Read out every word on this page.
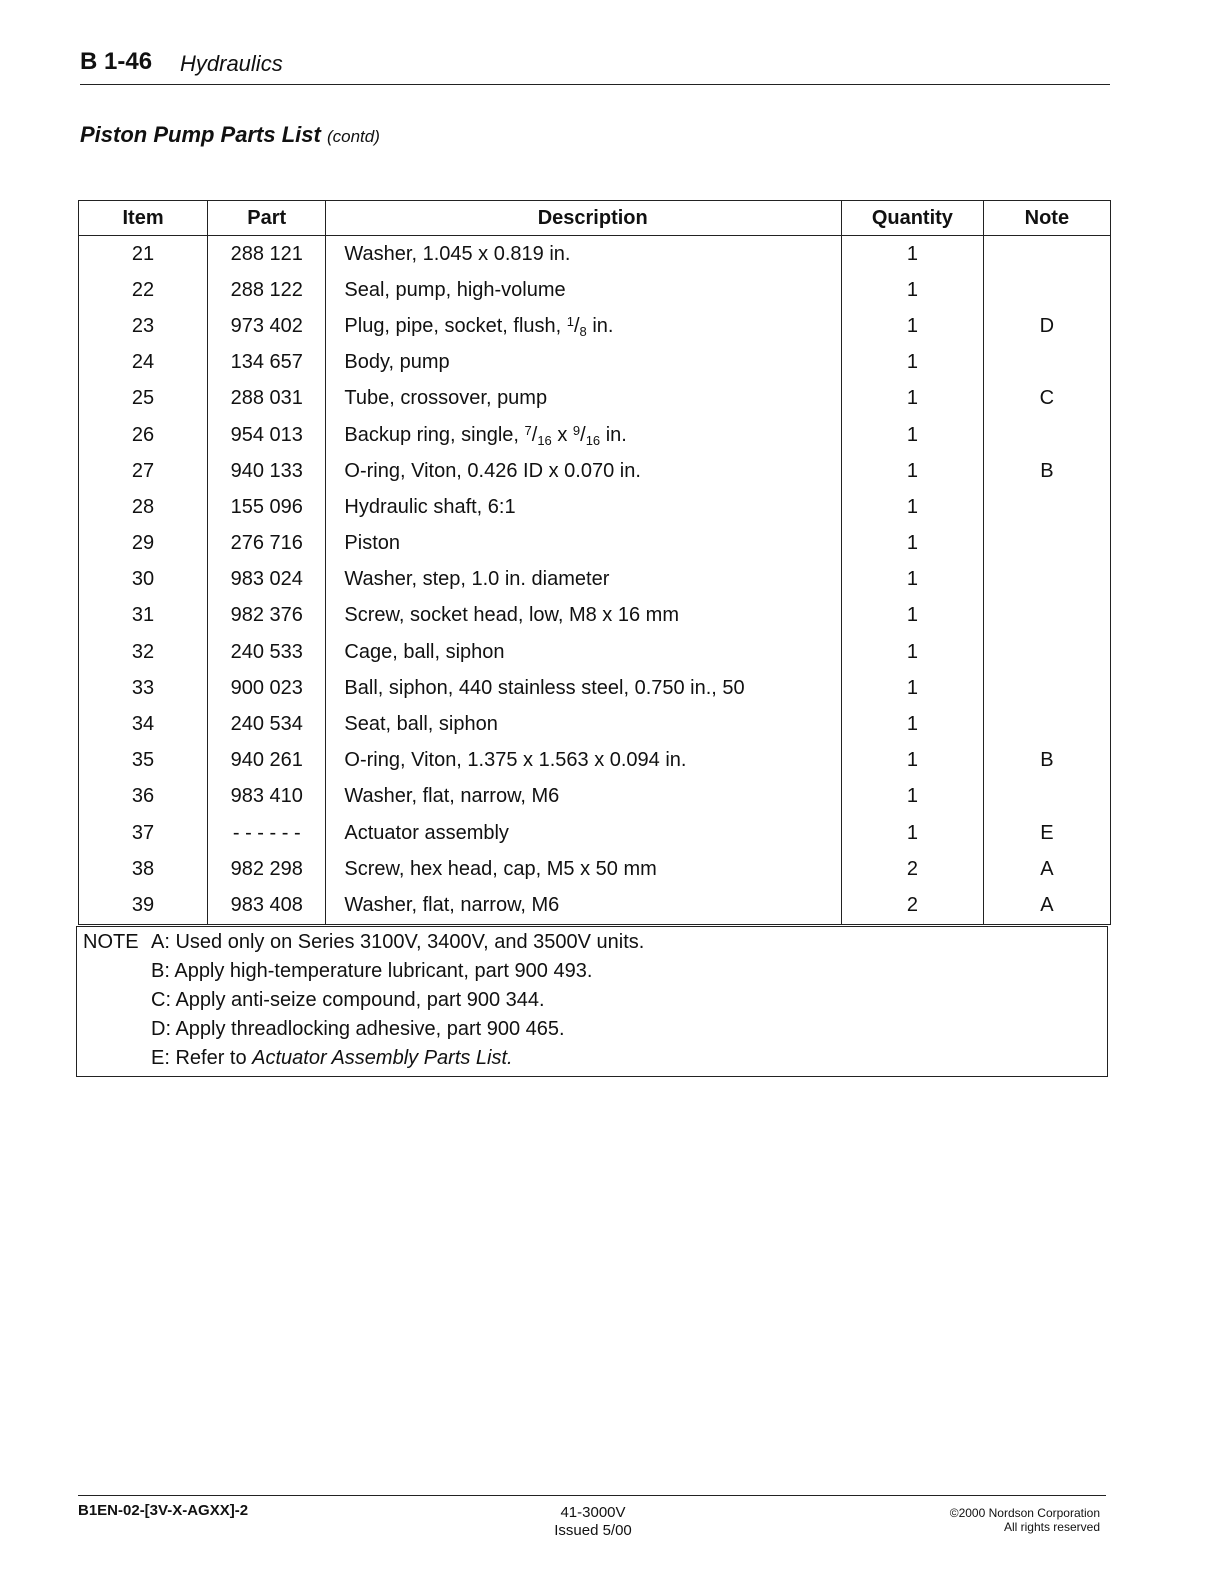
B 1-46 Hydraulics
Piston Pump Parts List (contd)
Item	Part	Description	Quantity	Note
21	288 121	Washer, 1.045 x 0.819 in.	1	
22	288 122	Seal, pump, high-volume	1	
23	973 402	Plug, pipe, socket, flush, 1/8 in.	1	D
24	134 657	Body, pump	1	
25	288 031	Tube, crossover, pump	1	C
26	954 013	Backup ring, single, 7/16 x 9/16 in.	1	
27	940 133	O-ring, Viton, 0.426 ID x 0.070 in.	1	B
28	155 096	Hydraulic shaft, 6:1	1	
29	276 716	Piston	1	
30	983 024	Washer, step, 1.0 in. diameter	1	
31	982 376	Screw, socket head, low, M8 x 16 mm	1	
32	240 533	Cage, ball, siphon	1	
33	900 023	Ball, siphon, 440 stainless steel, 0.750 in., 50	1	
34	240 534	Seat, ball, siphon	1	
35	940 261	O-ring, Viton, 1.375 x 1.563 x 0.094 in.	1	B
36	983 410	Washer, flat, narrow, M6	1	
37	- - - - - -	Actuator assembly	1	E
38	982 298	Screw, hex head, cap, M5 x 50 mm	2	A
39	983 408	Washer, flat, narrow, M6	2	A
NOTE A: Used only on Series 3100V, 3400V, and 3500V units.
B: Apply high-temperature lubricant, part 900 493.
C: Apply anti-seize compound, part 900 344.
D: Apply threadlocking adhesive, part 900 465.
E: Refer to Actuator Assembly Parts List.
B1EN-02-[3V-X-AGXX]-2	41-3000V
Issued 5/00
©2000 Nordson Corporation
All rights reserved
